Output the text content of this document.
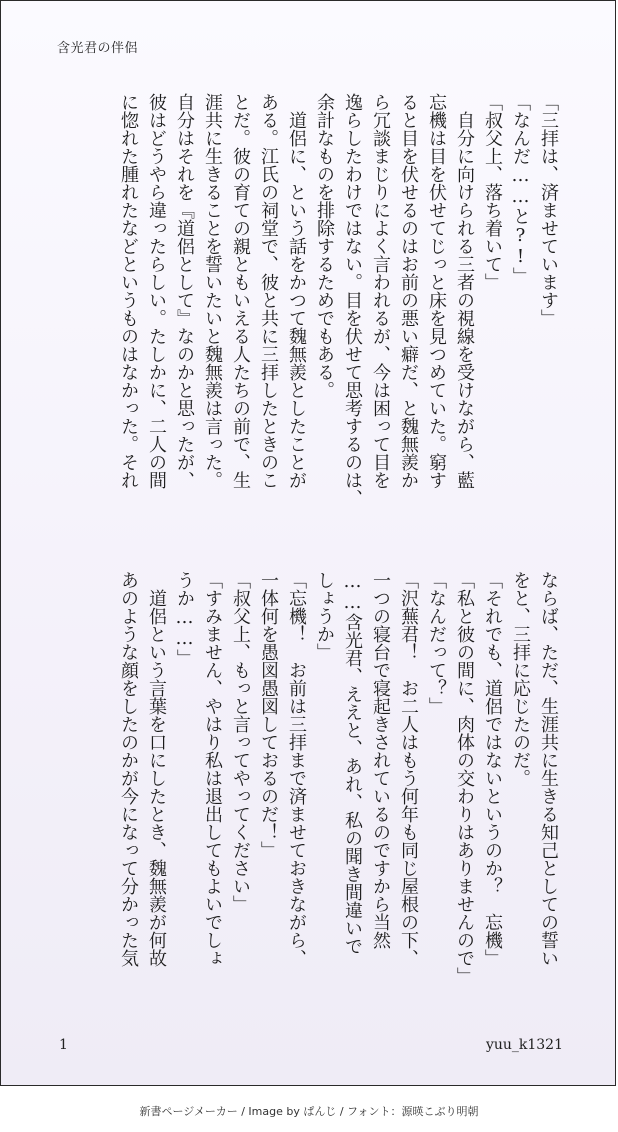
含光君の伴侶
「三拝は、済ませています」
「なんだ……と?!」
「叔父上、落ち着いて」
　自分に向けられる三者の視線を受けながら、藍
忘機は目を伏せてじっと床を見つめていた。窮す
ると目を伏せるのはお前の悪い癖だ、と魏無羨か
ら冗談まじりによく言われるが、今は困って目を
逸らしたわけではない。目を伏せて思考するのは、
余計なものを排除するためでもある。
　道侶に、という話をかつて魏無羨としたことが
ある。江氏の祠堂で、彼と共に三拝したときのこ
とだ。彼の育ての親ともいえる人たちの前で、生
涯共に生きることを誓いたいと魏無羨は言った。
自分はそれを『道侶として』なのかと思ったが、
彼はどうやら違ったらしい。たしかに、二人の間
に惚れた腫れたなどというものはなかった。それ
ならば、ただ、生涯共に生きる知己としての誓い
をと、三拝に応じたのだ。
「それでも、道侶ではないというのか？　忘機」
「私と彼の間に、肉体の交わりはありませんので」
「なんだって？」
「沢蕪君！　お二人はもう何年も同じ屋根の下、
一つの寝台で寝起きされているのですから当然
……含光君、ええと、あれ、私の聞き間違いで
しょうか」
「忘機！　お前は三拝まで済ませておきながら、
一体何を愚図愚図しておるのだ！」
「叔父上、もっと言ってやってください」
「すみません、やはり私は退出してもよいでしょ
うか……」
　道侶という言葉を口にしたとき、魏無羨が何故
あのような顔をしたのかが今になって分かった気
1	yuu_k1321
新書ページメーカー / Image by ぱんじ / フォント：源暎こぶり明朝
